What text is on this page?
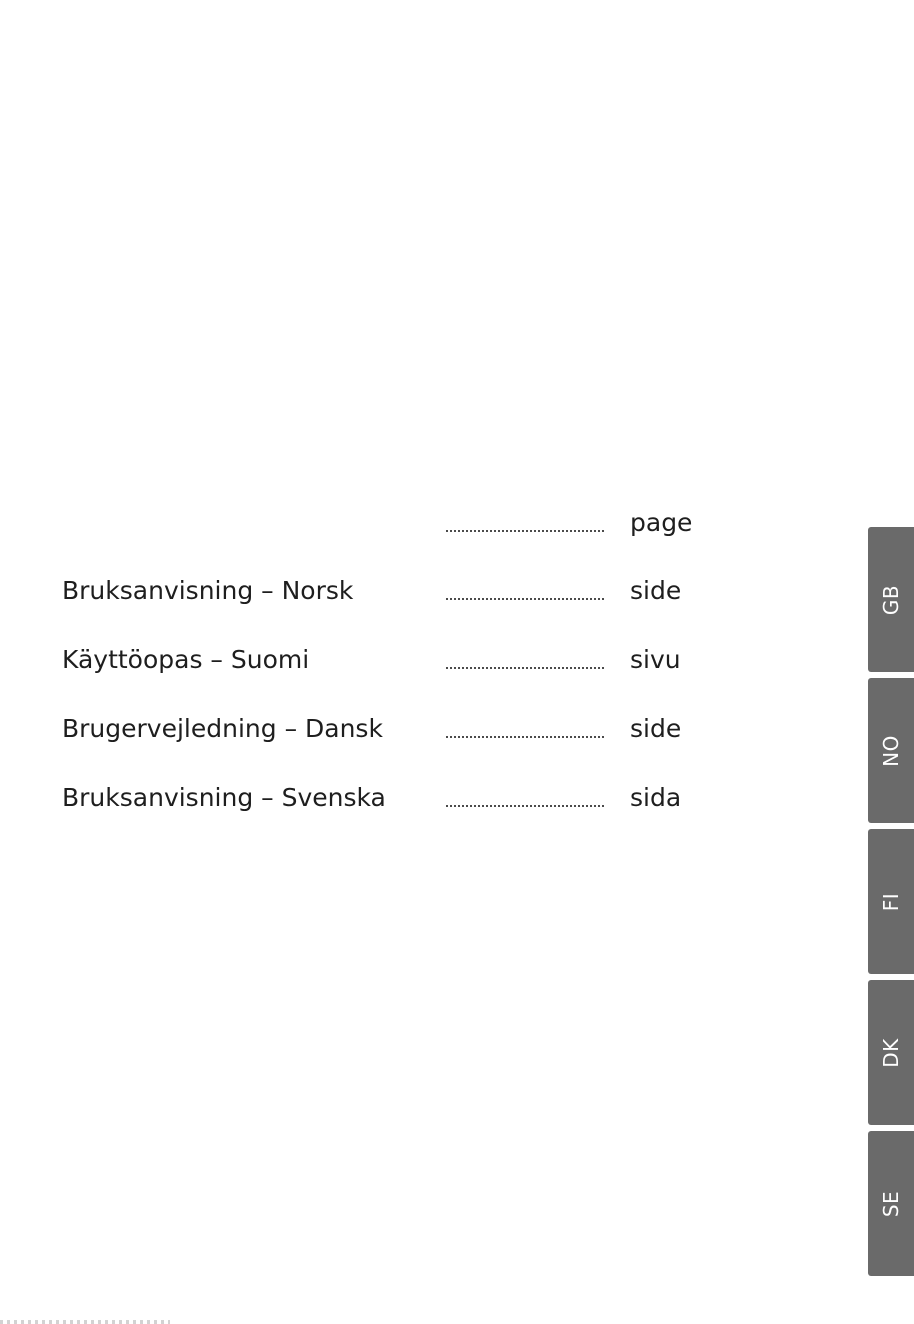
page
Bruksanvisning – Norsk	side
Käyttöopas – Suomi	sivu
Brugervejledning – Dansk	side
Bruksanvisning – Svenska	sida
GB
NO
FI
DK
SE
